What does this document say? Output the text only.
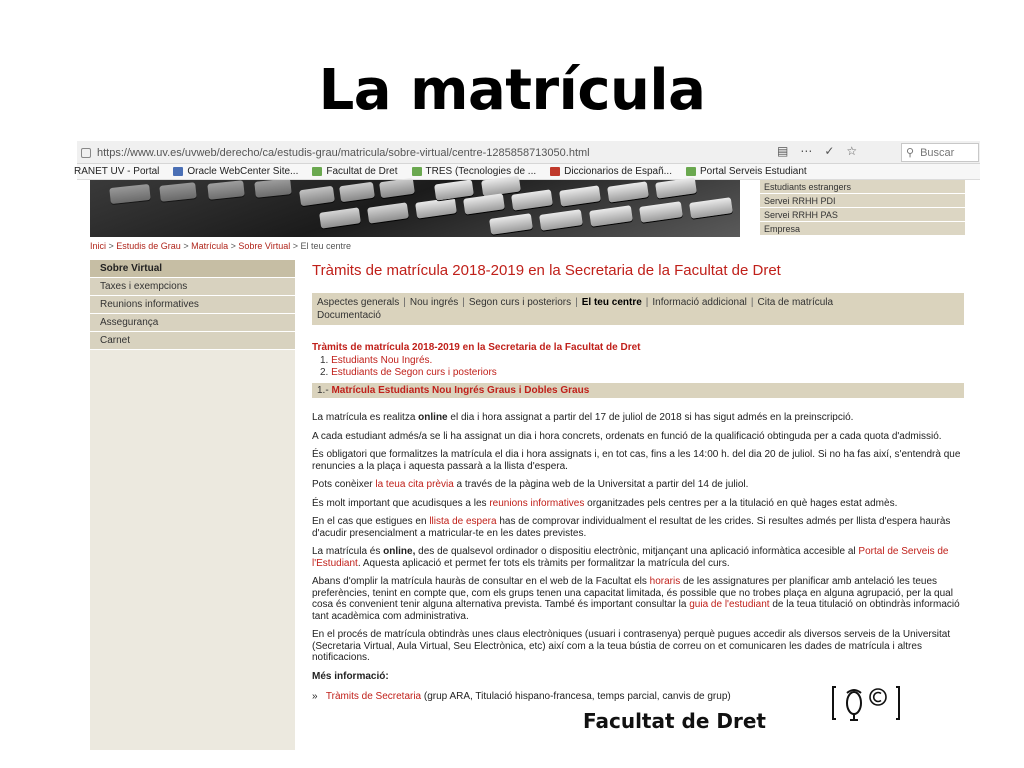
La matrícula
https://www.uv.es/uvweb/derecho/ca/estudis-grau/matricula/sobre-virtual/centre-1285858713050.html	▤ ⋯ ✓ ☆	⚲ Buscar
RANET UV - Portal	Oracle WebCenter Site...	Facultat de Dret	TRES (Tecnologies de ...	Diccionarios de Españ...	Portal Serveis Estudiant
Estudiants estrangers
Servei RRHH PDI
Servei RRHH PAS
Empresa
Inici > Estudis de Grau > Matrícula > Sobre Virtual > El teu centre
Sobre Virtual
Taxes i exempcions
Reunions informatives
Assegurança
Carnet
Tràmits de matrícula 2018-2019 en la Secretaria de la Facultat de Dret
Aspectes generals | Nou ingrés | Segon curs i posteriors | El teu centre | Informació addicional | Cita de matrícula
Documentació
Tràmits de matrícula 2018-2019 en la Secretaria de la Facultat de Dret
1. Estudiants Nou Ingrés.
2. Estudiants de Segon curs i posteriors
1.- Matrícula Estudiants Nou Ingrés Graus i Dobles Graus

La matrícula es realitza online el dia i hora assignat a partir del 17 de juliol de 2018 si has sigut admés en la preinscripció.

A cada estudiant admés/a se li ha assignat un dia i hora concrets, ordenats en funció de la qualificació obtinguda per a cada quota d'admissió.

És obligatori que formalitzes la matrícula el dia i hora assignats i, en tot cas, fins a les 14:00 h. del dia 20 de juliol. Si no ha fas així, s'entendrà que renuncies a la plaça i aquesta passarà a la llista d'espera.

Pots conèixer la teua cita prèvia a través de la pàgina web de la Universitat a partir del 14 de juliol.

És molt important que acudisques a les reunions informatives organitzades pels centres per a la titulació en què hages estat admès.

En el cas que estigues en llista de espera has de comprovar individualment el resultat de les crides. Si resultes admés per llista d'espera hauràs d'acudir presencialment a matricular-te en les dates previstes.

La matrícula és online, des de qualsevol ordinador o dispositiu electrònic, mitjançant una aplicació informàtica accesible al Portal de Serveis de l'Estudiant. Aquesta aplicació et permet fer tots els tràmits per formalitzar la matrícula del curs.

Abans d'omplir la matrícula hauràs de consultar en el web de la Facultat els horaris de les assignatures per planificar amb antelació les teues preferències, tenint en compte que, com els grups tenen una capacitat limitada, és possible que no trobes plaça en alguna agrupació, per la qual cosa és convenient tenir alguna alternativa prevista. També és important consultar la guia de l'estudiant de la teua titulació on obtindràs informació tant acadèmica com administrativa.

En el procés de matrícula obtindràs unes claus electròniques (usuari i contrasenya) perquè pugues accedir als diversos serveis de la Universitat (Secretaria Virtual, Aula Virtual, Seu Electrònica, etc) així com a la teua bústia de correu on et comunicaren les dades de matrícula i altres notificacions.

Més informació:
» Tràmits de Secretaria (grup ARA, Titulació hispano-francesa, temps parcial, canvis de grup)
Facultat de Dret
